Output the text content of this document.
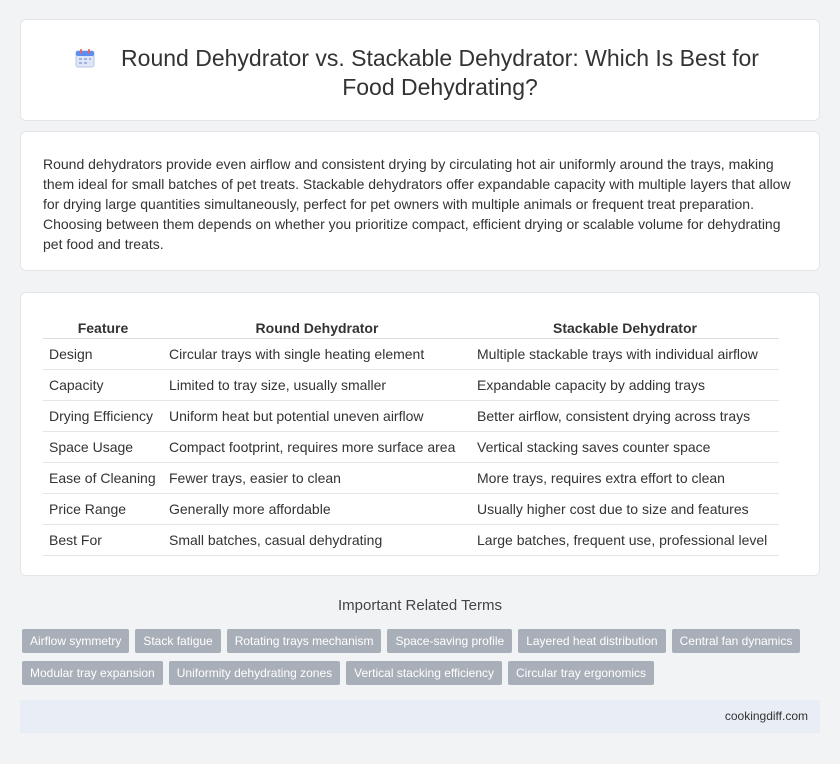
Round Dehydrator vs. Stackable Dehydrator: Which Is Best for Food Dehydrating?

Round dehydrators provide even airflow and consistent drying by circulating hot air uniformly around the trays, making them ideal for small batches of pet treats. Stackable dehydrators offer expandable capacity with multiple layers that allow for drying large quantities simultaneously, perfect for pet owners with multiple animals or frequent treat preparation. Choosing between them depends on whether you prioritize compact, efficient drying or scalable volume for dehydrating pet food and treats.

Feature	Round Dehydrator	Stackable Dehydrator
Design	Circular trays with single heating element	Multiple stackable trays with individual airflow
Capacity	Limited to tray size, usually smaller	Expandable capacity by adding trays
Drying Efficiency	Uniform heat but potential uneven airflow	Better airflow, consistent drying across trays
Space Usage	Compact footprint, requires more surface area	Vertical stacking saves counter space
Ease of Cleaning	Fewer trays, easier to clean	More trays, requires extra effort to clean
Price Range	Generally more affordable	Usually higher cost due to size and features
Best For	Small batches, casual dehydrating	Large batches, frequent use, professional level
Important Related Terms
Airflow symmetry	Stack fatigue	Rotating trays mechanism	Space-saving profile	Layered heat distribution	Central fan dynamics
Modular tray expansion	Uniformity dehydrating zones	Vertical stacking efficiency	Circular tray ergonomics
cookingdiff.com
